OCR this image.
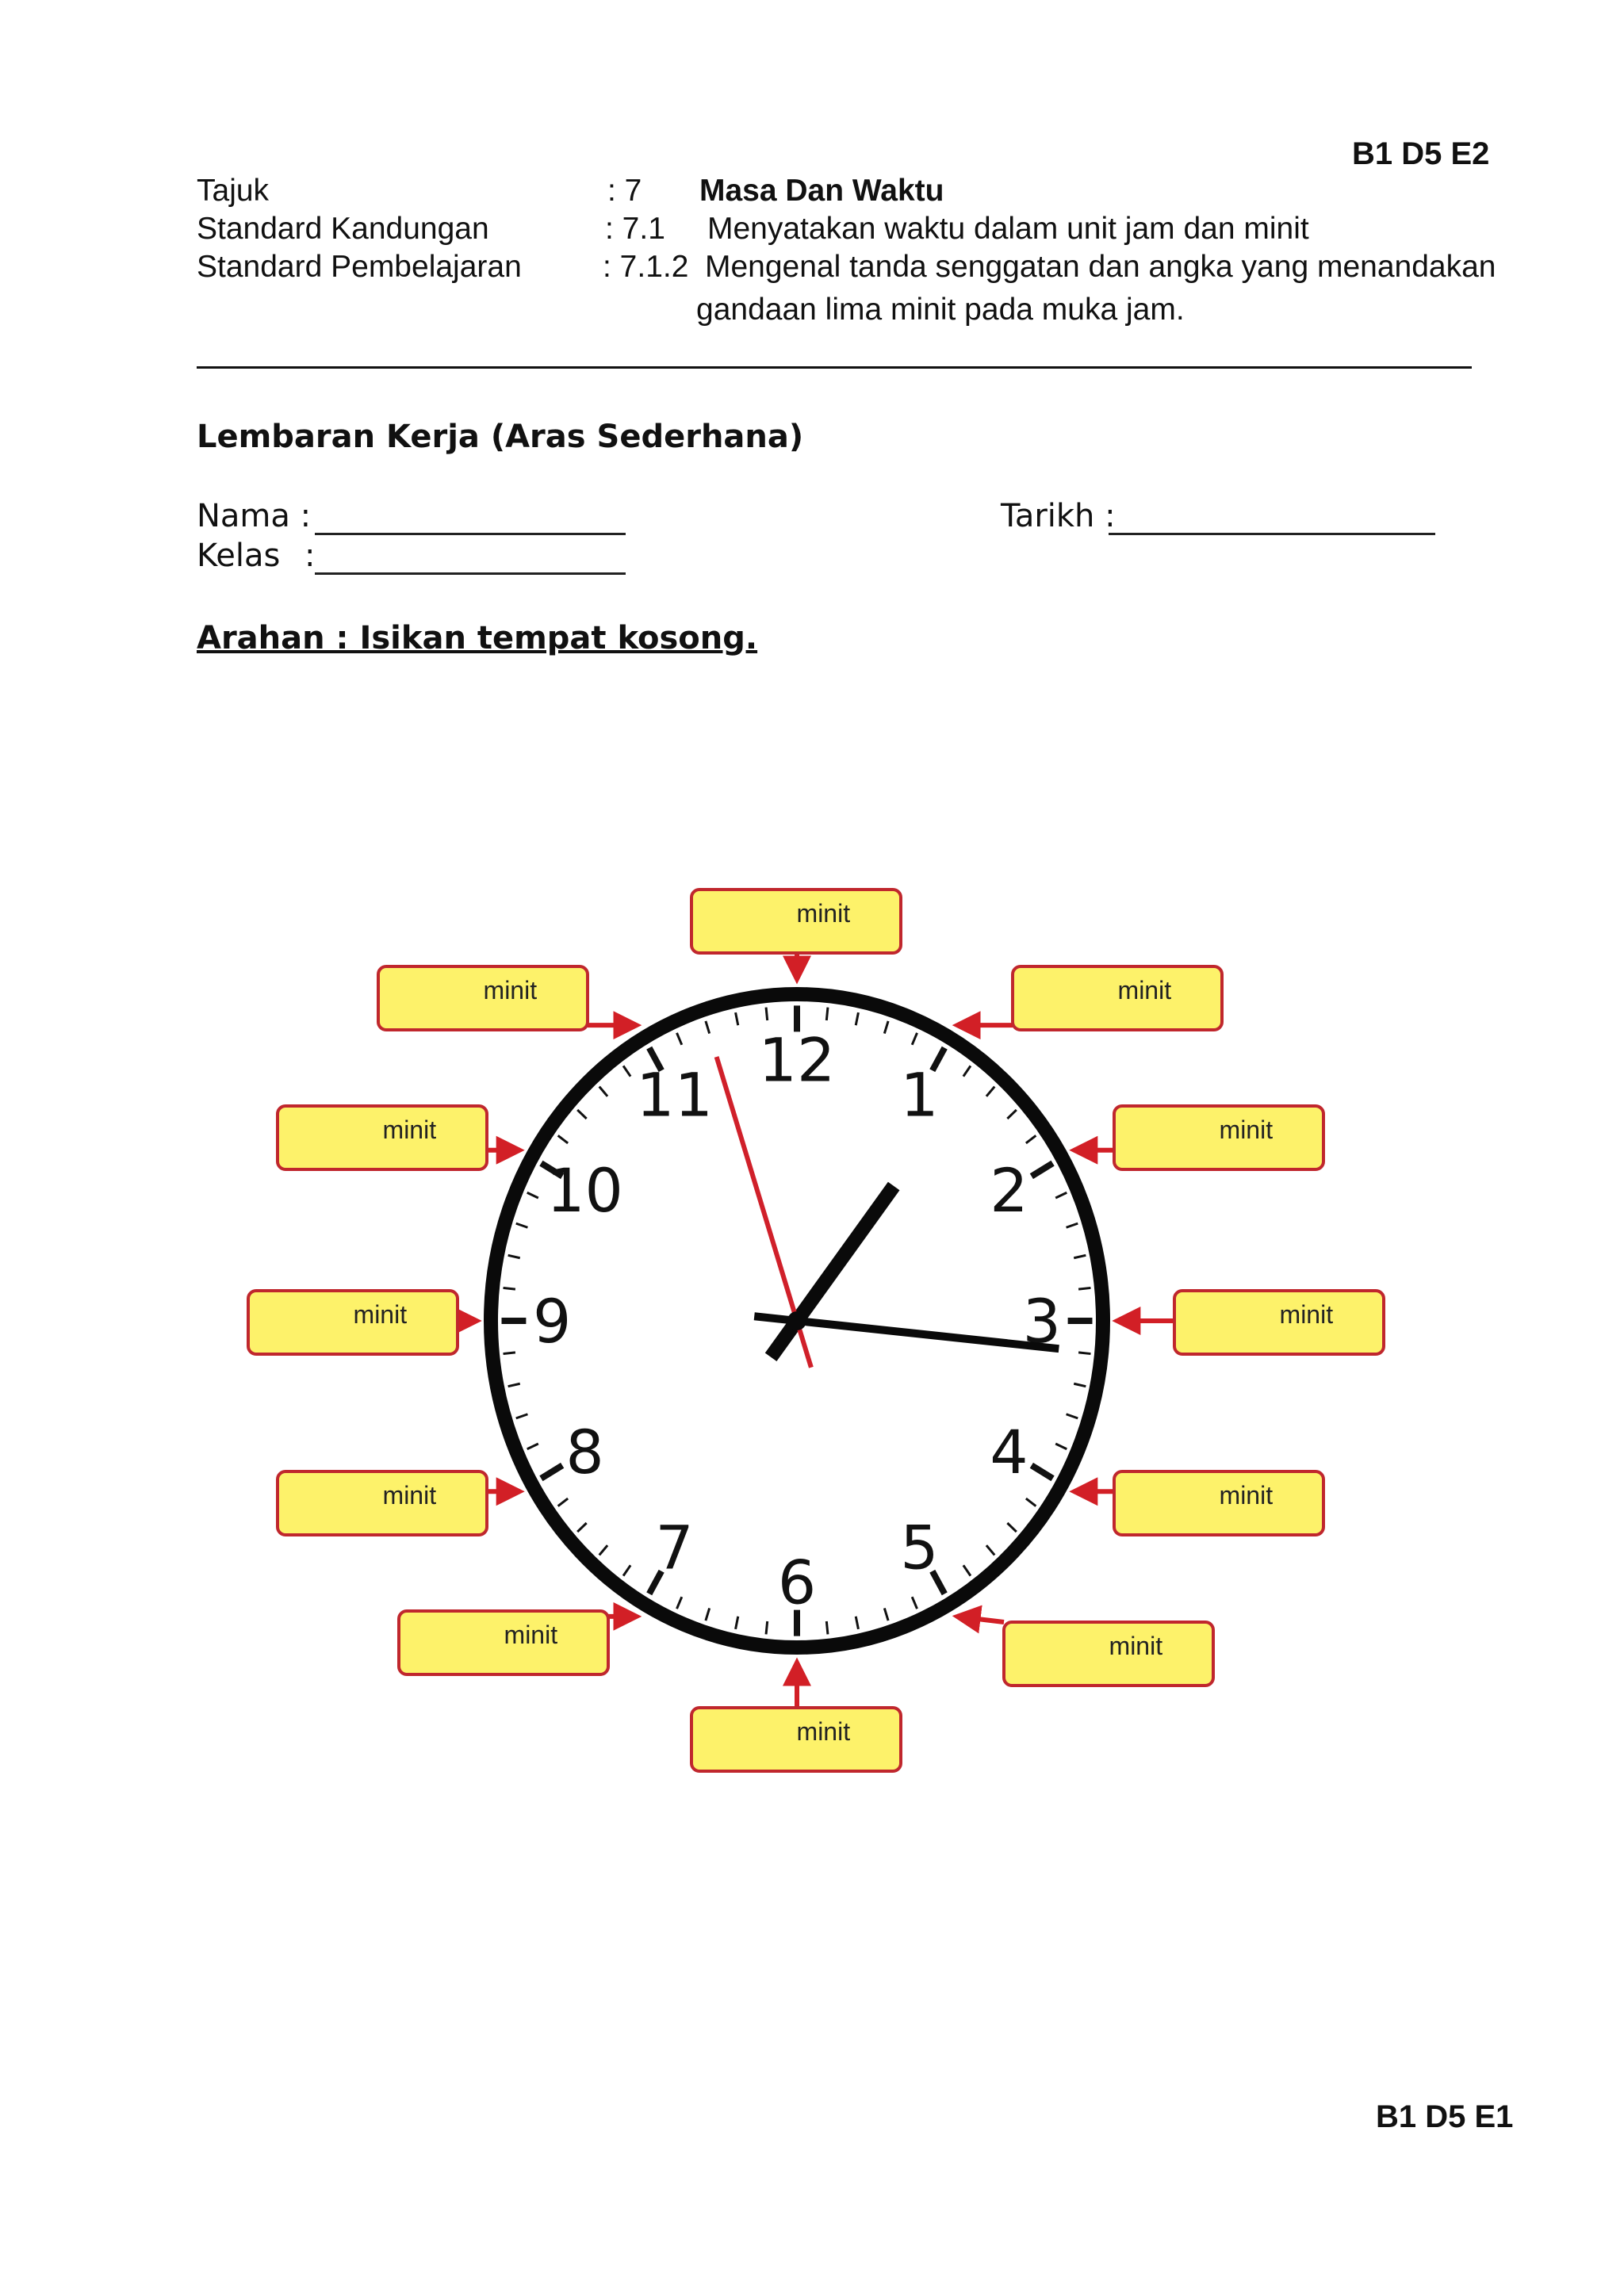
B1 D5 E2
Tajuk	: 7 Masa Dan Waktu
Standard Kandungan	: 7.1 Menyatakan waktu dalam unit jam dan minit
Standard Pembelajaran	: 7.1.2 Mengenal tanda senggatan dan angka yang menandakan
gandaan lima minit pada muka jam.
Lembaran Kerja (Aras Sederhana)
Nama :
Kelas :
Tarikh :
Arahan : Isikan tempat kosong.
12 1
2
3
4
5
6
7
8
9
10
11
minit
minit
minit
minit
minit
minit
minit
minit
minit
minit
minit
minit
B1 D5 E1
